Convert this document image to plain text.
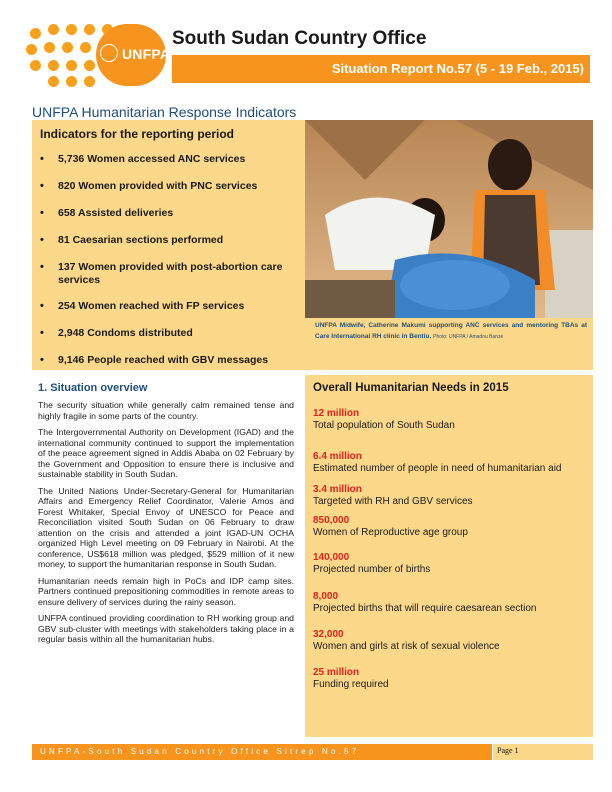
UNFPA
South Sudan Country Office
Situation Report No.57 (5 - 19 Feb., 2015)
UNFPA Humanitarian Response Indicators
Indicators for the reporting period
• 5,736 Women accessed ANC services
• 820 Women provided with PNC services
• 658 Assisted deliveries
• 81 Caesarian sections performed
• 137 Women provided with post-abortion care services
• 254 Women reached with FP services
• 2,948 Condoms distributed
• 9,146 People reached with GBV messages
UNFPA Midwife, Catherine Makumi supporting ANC services and mentoring TBAs at Care International RH clinic in Bentiu. Photo: UNFPA / Amadou Banze
1. Situation overview

The security situation while generally calm remained tense and highly fragile in some parts of the country.

The Intergovernmental Authority on Development (IGAD) and the international community continued to support the implementation of the peace agreement signed in Addis Ababa on 02 February by the Government and Opposition to ensure there is inclusive and sustainable stability in South Sudan.

The United Nations Under-Secretary-General for Humanitarian Affairs and Emergency Relief Coordinator, Valerie Amos and Forest Whitaker, Special Envoy of UNESCO for Peace and Reconciliation visited South Sudan on 06 February to draw attention on the crisis and attended a joint IGAD-UN OCHA organized High Level meeting on 09 February in Nairobi. At the conference, US$618 million was pledged, $529 million of it new money, to support the humanitarian response in South Sudan.

Humanitarian needs remain high in PoCs and IDP camp sites. Partners continued prepositioning commodities in remote areas to ensure delivery of services during the rainy season.

UNFPA continued providing coordination to RH working group and GBV sub-cluster with meetings with stakeholders taking place in a regular basis within all the humanitarian hubs.

Overall Humanitarian Needs in 2015
12 million
Total population of South Sudan
6.4 million
Estimated number of people in need of humanitarian aid
3.4 million
Targeted with RH and GBV services
850,000
Women of Reproductive age group
140,000
Projected number of births
8,000
Projected births that will require caesarean section
32,000
Women and girls at risk of sexual violence
25 million
Funding required
UNFPA-South Sudan Country Office Sitrep No.57	Page 1
